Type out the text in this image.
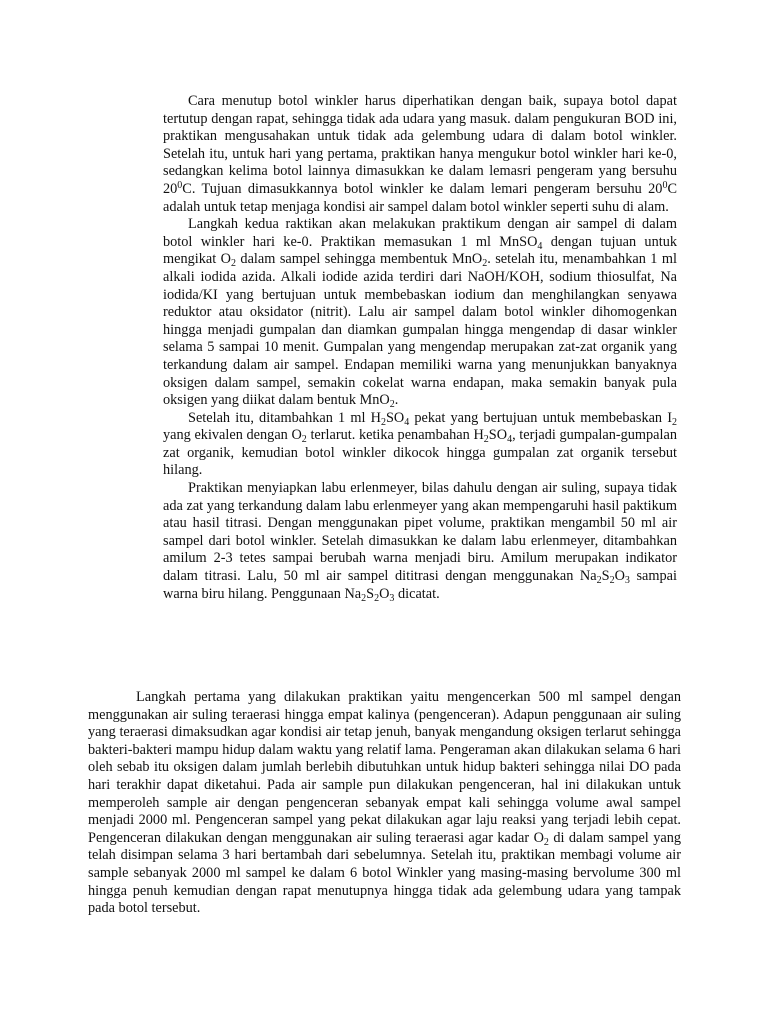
Cara menutup botol winkler harus diperhatikan dengan baik, supaya botol dapat tertutup dengan rapat, sehingga tidak ada udara yang masuk. dalam pengukuran BOD ini, praktikan mengusahakan untuk tidak ada gelembung udara di dalam botol winkler. Setelah itu, untuk hari yang pertama, praktikan hanya mengukur botol winkler hari ke-0, sedangkan kelima botol lainnya dimasukkan ke dalam lemasri pengeram yang bersuhu $20^0C$. Tujuan dimasukkannya botol winkler ke dalam lemari pengeram bersuhu $20^0C$ adalah untuk tetap menjaga kondisi air sampel dalam botol winkler seperti suhu di alam.

Langkah kedua raktikan akan melakukan praktikum dengan air sampel di dalam botol winkler hari ke-0. Praktikan memasukan 1 ml MnSO$_4$ dengan tujuan untuk mengikat $O_2$ dalam sampel sehingga membentuk MnO$_2$. setelah itu, menambahkan 1 ml alkali iodida azida. Alkali iodide azida terdiri dari NaOH/KOH, sodium thiosulfat, Na iodida/KI yang bertujuan untuk membebaskan iodium dan menghilangkan senyawa reduktor atau oksidator (nitrit). Lalu air sampel dalam botol winkler dihomogenkan hingga menjadi gumpalan dan diamkan gumpalan hingga mengendap di dasar winkler selama 5 sampai 10 menit. Gumpalan yang mengendap merupakan zat-zat organik yang terkandung dalam air sampel. Endapan memiliki warna yang menunjukkan banyaknya oksigen dalam sampel, semakin cokelat warna endapan, maka semakin banyak pula oksigen yang diikat dalam bentuk MnO$_2$.

Setelah itu, ditambahkan 1 ml $H_2SO_4$ pekat yang bertujuan untuk membebaskan $I_2$ yang ekivalen dengan $O_2$ terlarut. ketika penambahan $H_2SO_4$, terjadi gumpalan-gumpalan zat organik, kemudian botol winkler dikocok hingga gumpalan zat organik tersebut hilang.

Praktikan menyiapkan labu erlenmeyer, bilas dahulu dengan air suling, supaya tidak ada zat yang terkandung dalam labu erlenmeyer yang akan mempengaruhi hasil paktikum atau hasil titrasi. Dengan menggunakan pipet volume, praktikan mengambil 50 ml air sampel dari botol winkler. Setelah dimasukkan ke dalam labu erlenmeyer, ditambahkan amilum 2-3 tetes sampai berubah warna menjadi biru. Amilum merupakan indikator dalam titrasi. Lalu, 50 ml air sampel dititrasi dengan menggunakan $Na_2S_2O_3$ sampai warna biru hilang. Penggunaan $Na_2S_2O_3$ dicatat.

Langkah pertama yang dilakukan praktikan yaitu mengencerkan 500 ml sampel dengan menggunakan air suling teraerasi hingga empat kalinya (pengenceran). Adapun penggunaan air suling yang teraerasi dimaksudkan agar kondisi air tetap jenuh, banyak mengandung oksigen terlarut sehingga bakteri-bakteri mampu hidup dalam waktu yang relatif lama. Pengeraman akan dilakukan selama 6 hari oleh sebab itu oksigen dalam jumlah berlebih dibutuhkan untuk hidup bakteri sehingga nilai DO pada hari terakhir dapat diketahui. Pada air sample pun dilakukan pengenceran, hal ini dilakukan untuk memperoleh sample air dengan pengenceran sebanyak empat kali sehingga volume awal sampel menjadi 2000 ml. Pengenceran sampel yang pekat dilakukan agar laju reaksi yang terjadi lebih cepat. Pengenceran dilakukan dengan menggunakan air suling teraerasi agar kadar $O_2$ di dalam sampel yang telah disimpan selama 3 hari bertambah dari sebelumnya. Setelah itu, praktikan membagi volume air sample sebanyak 2000 ml sampel ke dalam 6 botol Winkler yang masing-masing bervolume 300 ml hingga penuh kemudian dengan rapat menutupnya hingga tidak ada gelembung udara yang tampak pada botol tersebut.
